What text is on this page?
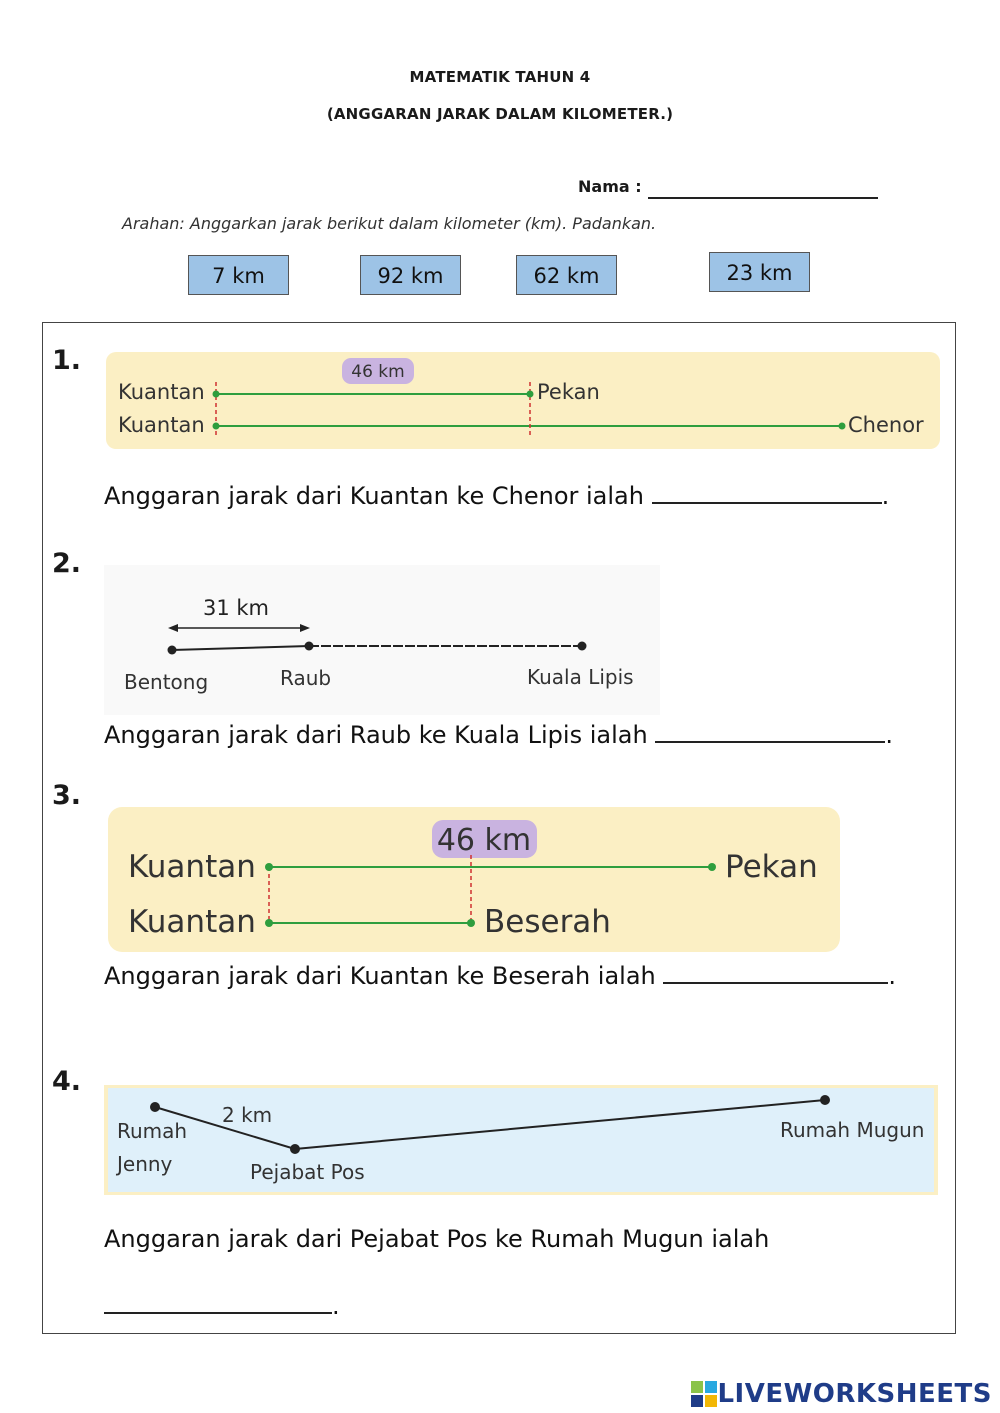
MATEMATIK TAHUN 4
(ANGGARAN JARAK DALAM KILOMETER.)
Nama :
Arahan: Anggarkan jarak berikut dalam kilometer (km). Padankan.
7 km	92 km	62 km	23 km
1.	46 km
Kuantan	Pekan
Kuantan	Chenor
Anggaran jarak dari Kuantan ke Chenor ialah	.
2.
31 km
Bentong	Raub	Kuala Lipis
Anggaran jarak dari Raub ke Kuala Lipis ialah	.
3.
46 km
Kuantan	Pekan
Kuantan	Beserah
Anggaran jarak dari Kuantan ke Beserah ialah	.
4.
2 km
Rumah
Jenny	Pejabat Pos
Rumah Mugun
Anggaran jarak dari Pejabat Pos ke Rumah Mugun ialah
.
LIVEWORKSHEETS
